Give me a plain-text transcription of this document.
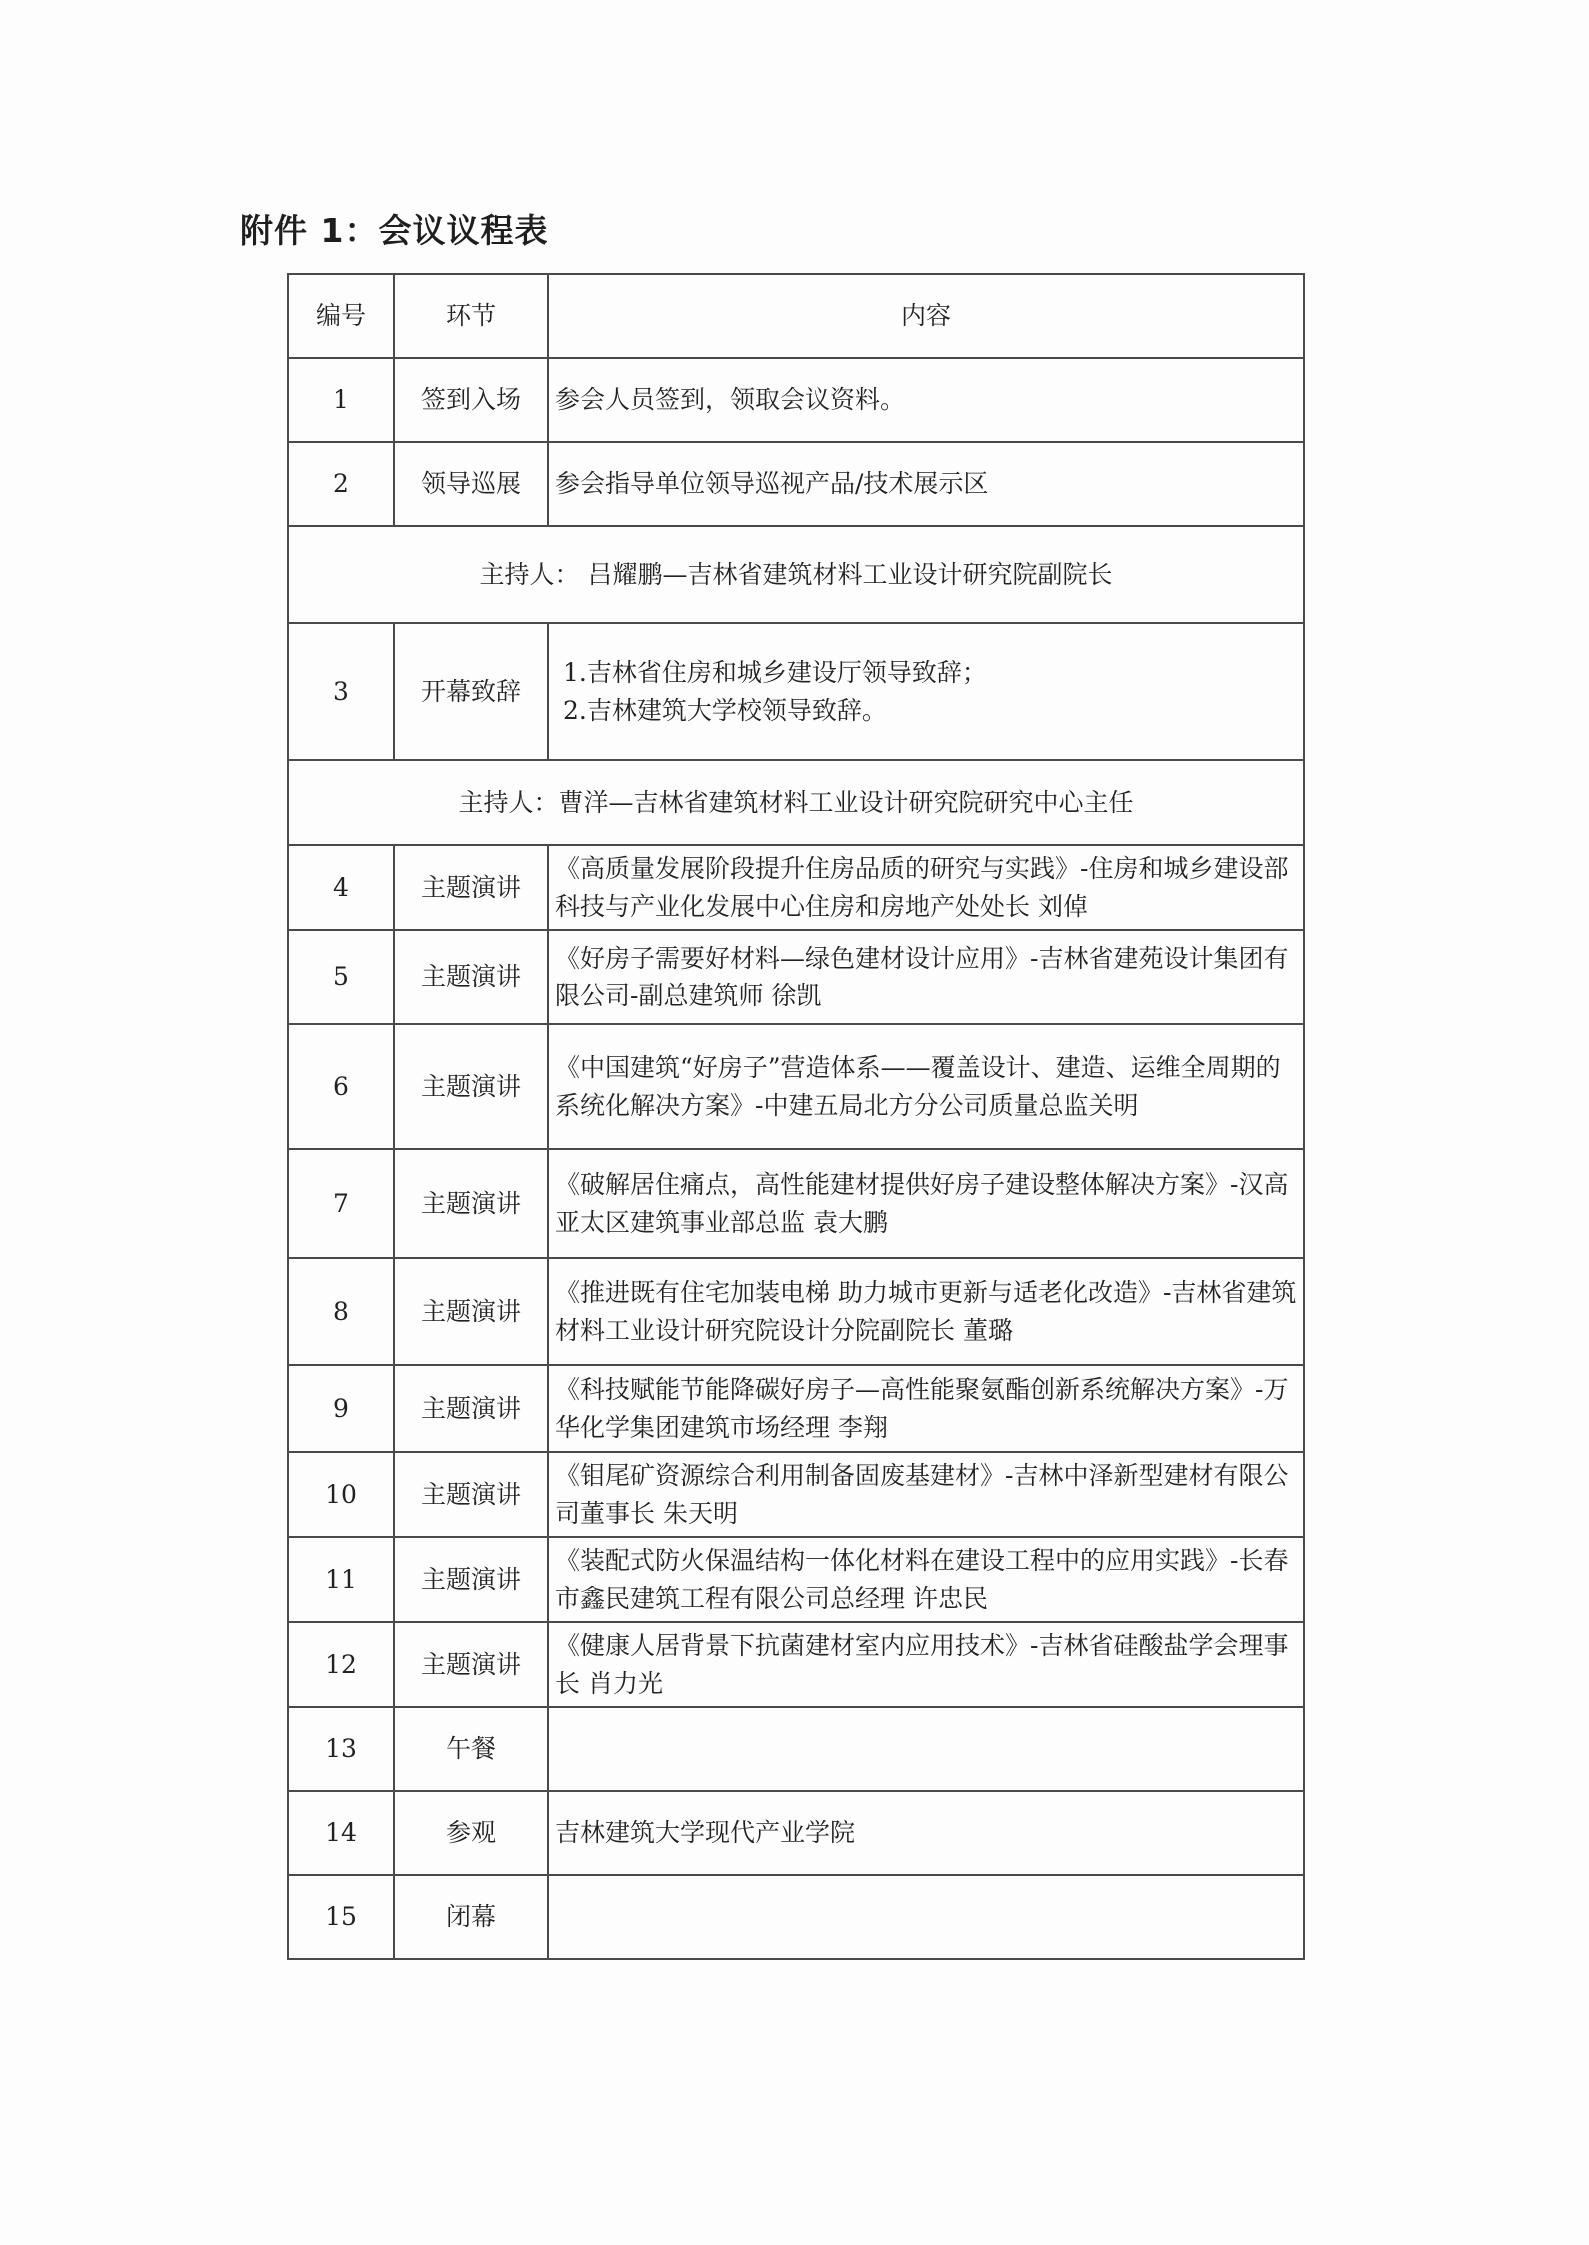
附件 1：会议议程表
编号	环节	内容
1	签到入场	参会人员签到，领取会议资料。
2	领导巡展	参会指导单位领导巡视产品/技术展示区
主持人： 吕耀鹏—吉林省建筑材料工业设计研究院副院长		
3	开幕致辞	1.吉林省住房和城乡建设厅领导致辞；
2.吉林建筑大学校领导致辞。
主持人：曹洋—吉林省建筑材料工业设计研究院研究中心主任		
4	主题演讲	《高质量发展阶段提升住房品质的研究与实践》-住房和城乡建设部科技与产业化发展中心住房和房地产处处长 刘倬
5	主题演讲	《好房子需要好材料—绿色建材设计应用》-吉林省建苑设计集团有限公司-副总建筑师 徐凯
6	主题演讲	《中国建筑“好房子”营造体系——覆盖设计、建造、运维全周期的系统化解决方案》-中建五局北方分公司质量总监关明
7	主题演讲	《破解居住痛点，高性能建材提供好房子建设整体解决方案》-汉高亚太区建筑事业部总监 袁大鹏
8	主题演讲	《推进既有住宅加装电梯 助力城市更新与适老化改造》-吉林省建筑材料工业设计研究院设计分院副院长 董璐
9	主题演讲	《科技赋能节能降碳好房子—高性能聚氨酯创新系统解决方案》-万华化学集团建筑市场经理 李翔
10	主题演讲	《钼尾矿资源综合利用制备固废基建材》-吉林中泽新型建材有限公司董事长 朱天明
11	主题演讲	《装配式防火保温结构一体化材料在建设工程中的应用实践》-长春市鑫民建筑工程有限公司总经理 许忠民
12	主题演讲	《健康人居背景下抗菌建材室内应用技术》-吉林省硅酸盐学会理事长 肖力光
13	午餐	
14	参观	吉林建筑大学现代产业学院
15	闭幕	
